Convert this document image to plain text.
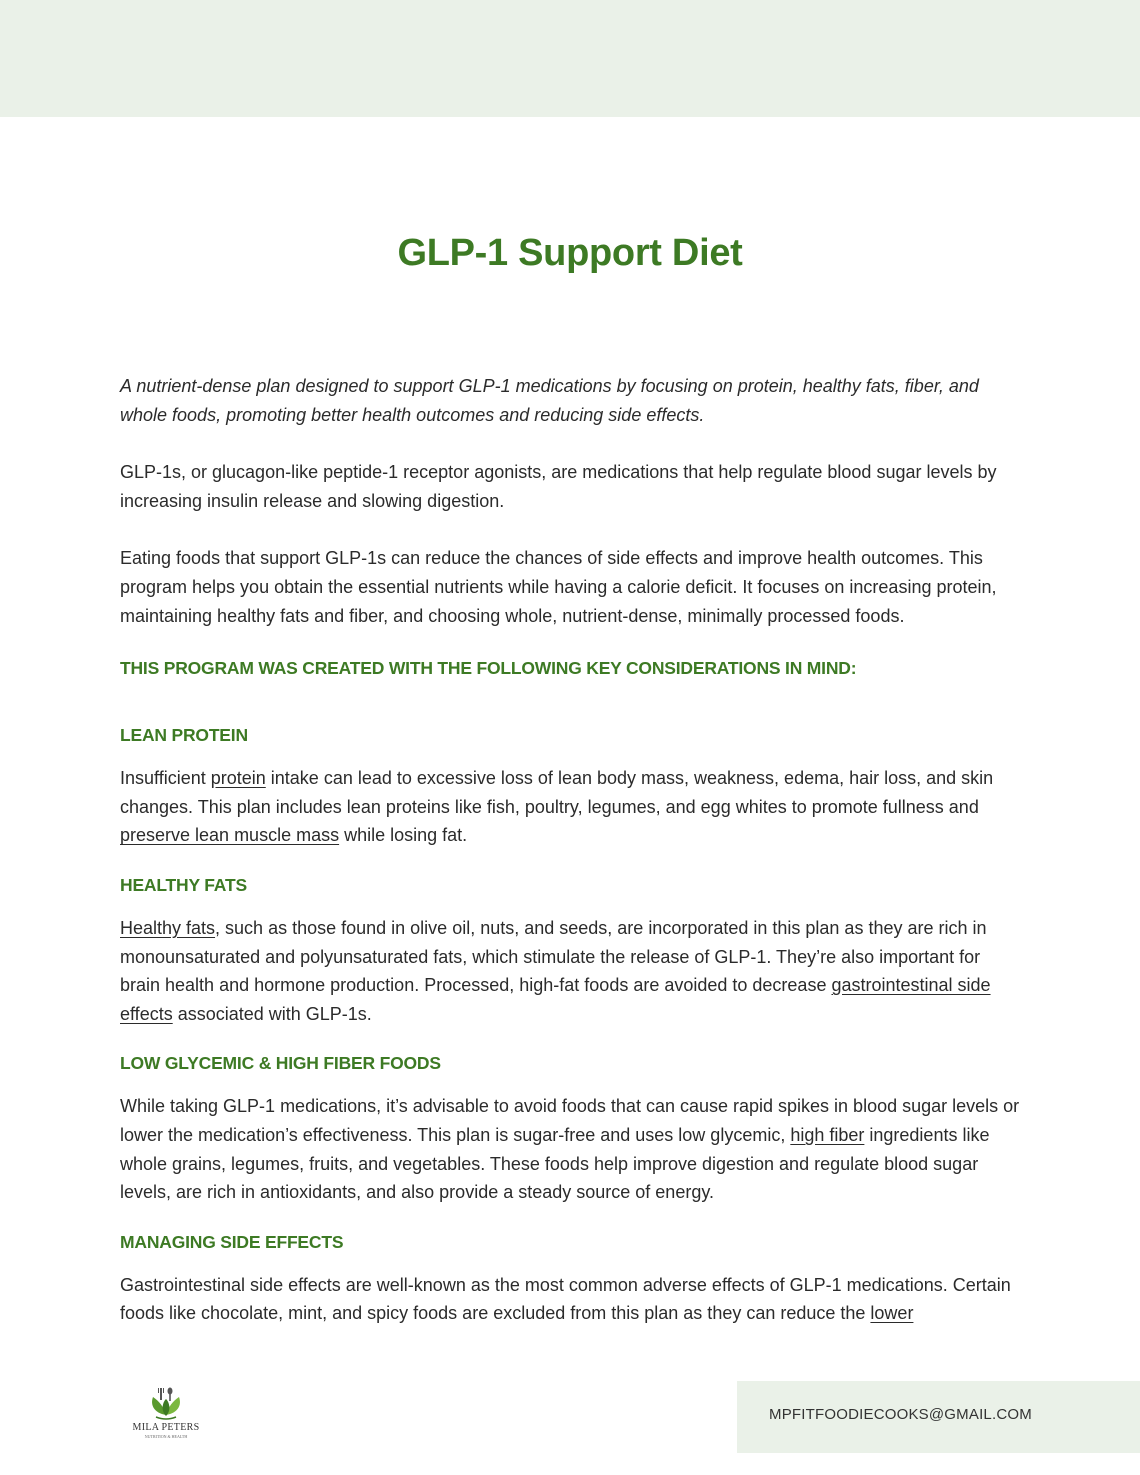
GLP-1 Support Diet

A nutrient-dense plan designed to support GLP-1 medications by focusing on protein, healthy fats, fiber, and whole foods, promoting better health outcomes and reducing side effects.

GLP-1s, or glucagon-like peptide-1 receptor agonists, are medications that help regulate blood sugar levels by increasing insulin release and slowing digestion.

Eating foods that support GLP-1s can reduce the chances of side effects and improve health outcomes. This program helps you obtain the essential nutrients while having a calorie deficit. It focuses on increasing protein, maintaining healthy fats and fiber, and choosing whole, nutrient-dense, minimally processed foods.

THIS PROGRAM WAS CREATED WITH THE FOLLOWING KEY CONSIDERATIONS IN MIND:
LEAN PROTEIN

Insufficient protein intake can lead to excessive loss of lean body mass, weakness, edema, hair loss, and skin changes. This plan includes lean proteins like fish, poultry, legumes, and egg whites to promote fullness and preserve lean muscle mass while losing fat.

HEALTHY FATS

Healthy fats, such as those found in olive oil, nuts, and seeds, are incorporated in this plan as they are rich in monounsaturated and polyunsaturated fats, which stimulate the release of GLP-1. They’re also important for brain health and hormone production. Processed, high-fat foods are avoided to decrease gastrointestinal side effects associated with GLP-1s.

LOW GLYCEMIC & HIGH FIBER FOODS

While taking GLP-1 medications, it’s advisable to avoid foods that can cause rapid spikes in blood sugar levels or lower the medication’s effectiveness. This plan is sugar-free and uses low glycemic, high fiber ingredients like whole grains, legumes, fruits, and vegetables. These foods help improve digestion and regulate blood sugar levels, are rich in antioxidants, and also provide a steady source of energy.

MANAGING SIDE EFFECTS

Gastrointestinal side effects are well-known as the most common adverse effects of GLP-1 medications. Certain foods like chocolate, mint, and spicy foods are excluded from this plan as they can reduce the lower

MILA PETERS
NUTRITION & HEALTH
MPFITFOODIECOOKS@GMAIL.COM
